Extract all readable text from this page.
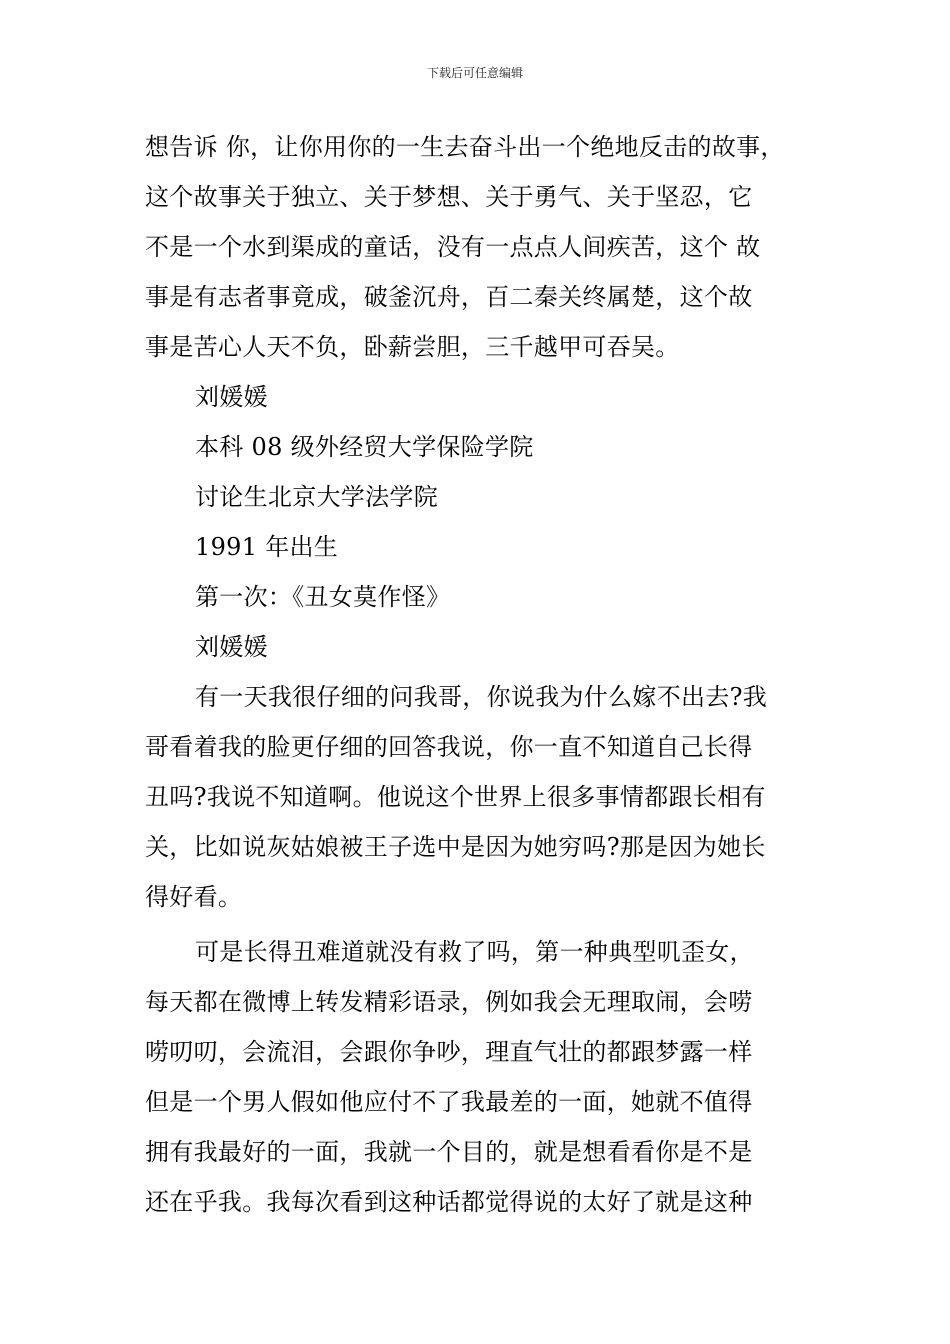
下载后可任意编辑
想告诉 你，让你用你的一生去奋斗出一个绝地反击的故事，
这个故事关于独立、关于梦想、关于勇气、关于坚忍，它
不是一个水到渠成的童话，没有一点点人间疾苦，这个 故
事是有志者事竟成，破釜沉舟，百二秦关终属楚，这个故
事是苦心人天不负，卧薪尝胆，三千越甲可吞吴。
刘媛媛
本科 08 级外经贸大学保险学院
讨论生北京大学法学院
1991 年出生
第一次：《丑女莫作怪》
刘媛媛
有一天我很仔细的问我哥，你说我为什么嫁不出去?我
哥看着我的脸更仔细的回答我说，你一直不知道自己长得
丑吗?我说不知道啊。他说这个世界上很多事情都跟长相有
关，比如说灰姑娘被王子选中是因为她穷吗?那是因为她长
得好看。
可是长得丑难道就没有救了吗，第一种典型叽歪女，
每天都在微博上转发精彩语录，例如我会无理取闹，会唠
唠叨叨，会流泪，会跟你争吵，理直气壮的都跟梦露一样
但是一个男人假如他应付不了我最差的一面，她就不值得
拥有我最好的一面，我就一个目的，就是想看看你是不是
还在乎我。我每次看到这种话都觉得说的太好了就是这种
